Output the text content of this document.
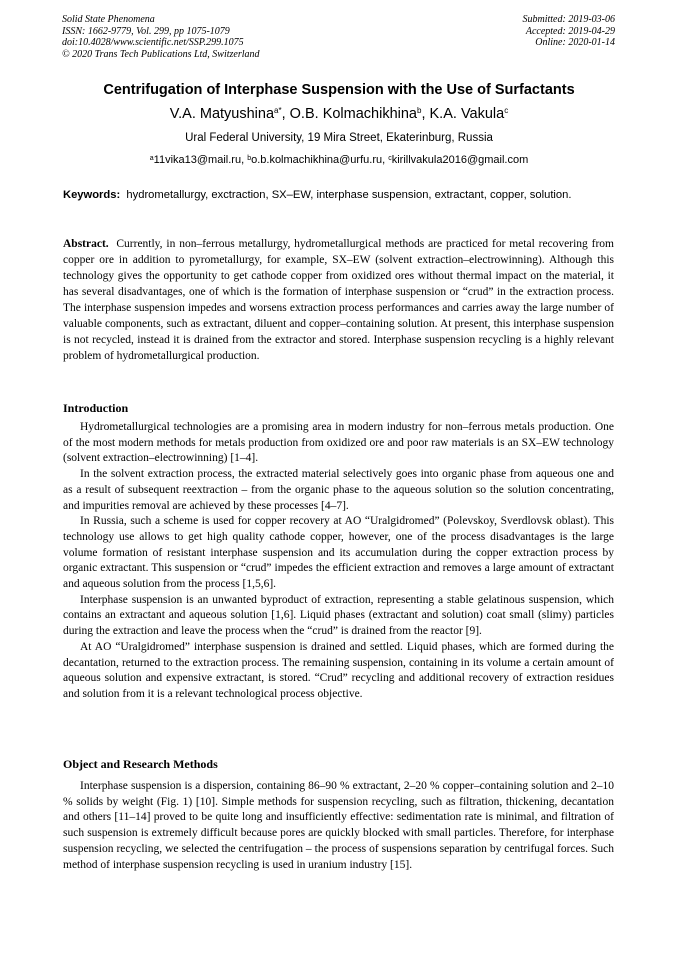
Solid State Phenomena
ISSN: 1662-9779, Vol. 299, pp 1075-1079
doi:10.4028/www.scientific.net/SSP.299.1075
© 2020 Trans Tech Publications Ltd, Switzerland
Submitted: 2019-03-06
Accepted: 2019-04-29
Online: 2020-01-14
Centrifugation of Interphase Suspension with the Use of Surfactants
V.A. Matyushina$^{a*}$, O.B. Kolmachikhina$^b$, K.A. Vakula$^c$
Ural Federal University, 19 Mira Street, Ekaterinburg, Russia
$^a$11vika13@mail.ru, $^b$o.b.kolmachikhina@urfu.ru, $^c$kirillvakula2016@gmail.com
Keywords: hydrometallurgy, exctraction, SX–EW, interphase suspension, extractant, copper, solution.
Abstract. Currently, in non–ferrous metallurgy, hydrometallurgical methods are practiced for metal recovering from copper ore in addition to pyrometallurgy, for example, SX–EW (solvent extraction–electrowinning). Although this technology gives the opportunity to get cathode copper from oxidized ores without thermal impact on the material, it has several disadvantages, one of which is the formation of interphase suspension or “crud” in the extraction process. The interphase suspension impedes and worsens extraction process performances and carries away the large number of valuable components, such as extractant, diluent and copper–containing solution. At present, this interphase suspension is not recycled, instead it is drained from the extractor and stored. Interphase suspension recycling is a highly relevant problem of hydrometallurgical production.
Introduction

Hydrometallurgical technologies are a promising area in modern industry for non–ferrous metals production. One of the most modern methods for metals production from oxidized ore and poor raw materials is an SX–EW technology (solvent extraction–electrowinning) [1–4].

In the solvent extraction process, the extracted material selectively goes into organic phase from aqueous one and as a result of subsequent reextraction – from the organic phase to the aqueous solution so the solution concentrating, and impurities removal are achieved by these processes [4–7].

In Russia, such a scheme is used for copper recovery at AO “Uralgidromed” (Polevskoy, Sverdlovsk oblast). This technology use allows to get high quality cathode copper, however, one of the process disadvantages is the large volume formation of resistant interphase suspension and its accumulation during the copper extraction process by organic extractant. This suspension or “crud” impedes the efficient extraction and removes a large amount of extractant and aqueous solution from the process [1,5,6].

Interphase suspension is an unwanted byproduct of extraction, representing a stable gelatinous suspension, which contains an extractant and aqueous solution [1,6]. Liquid phases (extractant and solution) coat small (slimy) particles during the extraction and leave the process when the “crud” is drained from the reactor [9].

At AO “Uralgidromed” interphase suspension is drained and settled. Liquid phases, which are formed during the decantation, returned to the extraction process. The remaining suspension, containing in its volume a certain amount of aqueous solution and expensive extractant, is stored. “Crud” recycling and additional recovery of extraction residues and solution from it is a relevant technological process objective.

Object and Research Methods

Interphase suspension is a dispersion, containing 86–90 % extractant, 2–20 % copper–containing solution and 2–10 % solids by weight (Fig. 1) [10]. Simple methods for suspension recycling, such as filtration, thickening, decantation and others [11–14] proved to be quite long and insufficiently effective: sedimentation rate is minimal, and filtration of such suspension is extremely difficult because pores are quickly blocked with small particles. Therefore, for interphase suspension recycling, we selected the centrifugation – the process of suspensions separation by centrifugal forces. Such method of interphase suspension recycling is used in uranium industry [15].
